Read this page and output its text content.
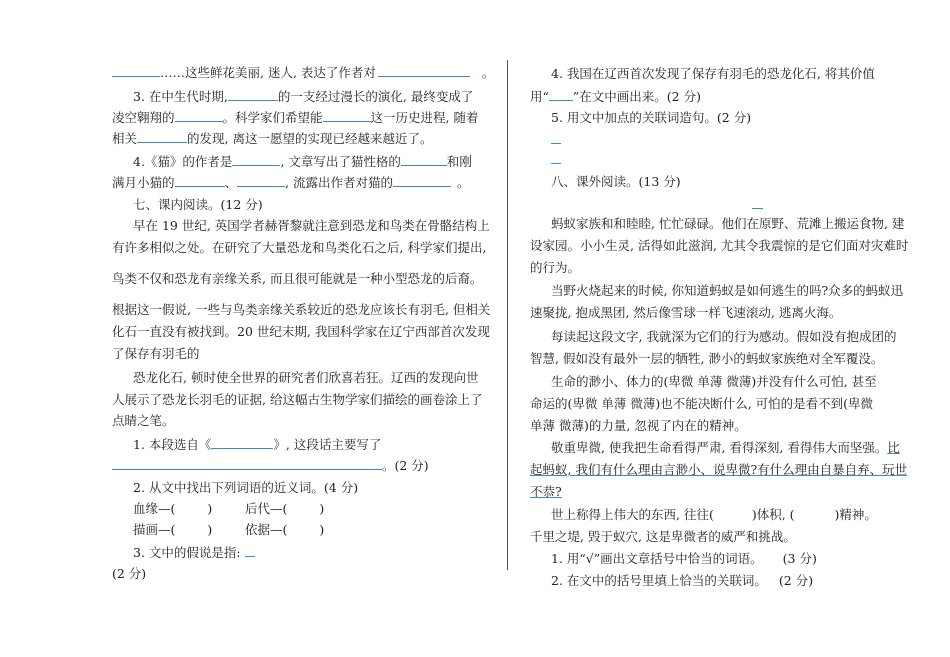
……这些鲜花美丽, 迷人, 表达了作者对	。
3. 在中生代时期,	的一支经过漫长的演化, 最终变成了
凌空翱翔的	。科学家们希望能	这一历史进程, 随着
相关	的发现, 离这一愿望的实现已经越来越近了。
4.《猫》的作者是	, 文章写出了猫性格的	和刚
满月小猫的	、	, 流露出作者对猫的	。
七、课内阅读。(12 分)
早在 19 世纪, 英国学者赫胥黎就注意到恐龙和鸟类在骨骼结构上
有许多相似之处。在研究了大量恐龙和鸟类化石之后, 科学家们提出,
鸟类不仅和恐龙有亲缘关系, 而且很可能就是一种小型恐龙的后裔。
根据这一假说, 一些与鸟类亲缘关系较近的恐龙应该长有羽毛, 但相关
化石一直没有被找到。20 世纪末期, 我国科学家在辽宁西部首次发现
了保存有羽毛的
恐龙化石, 顿时使全世界的研究者们欣喜若狂。辽西的发现向世
人展示了恐龙长羽毛的证据, 给这幅古生物学家们描绘的画卷涂上了
点睛之笔。
1. 本段选自《	》, 这段话主要写了
。(2 分)
2. 从文中找出下列词语的近义词。(4 分)
血缘—(	)	后代—(	)
描画—(	)	依据—(	)
3. 文中的假说是指:
(2 分)
4. 我国在辽西首次发现了保存有羽毛的恐龙化石, 将其价值
用“ ”在文中画出来。(2 分)
5. 用文中加点的关联词造句。(2 分)
八、课外阅读。(13 分)
蚂蚁家族和和睦睦, 忙忙碌碌。他们在原野、荒滩上搬运食物, 建
设家园。小小生灵, 活得如此滋润, 尤其令我震惊的是它们面对灾难时
的行为。
当野火烧起来的时候, 你知道蚂蚁是如何逃生的吗?众多的蚂蚁迅
速聚拢, 抱成黑团, 然后像雪球一样飞速滚动, 逃离火海。
每读起这段文字, 我就深为它们的行为感动。假如没有抱成团的
智慧, 假如没有最外一层的牺牲, 渺小的蚂蚁家族绝对全军覆没。
生命的渺小、体力的(卑微 单薄 微薄)并没有什么可怕, 甚至
命运的(卑微 单薄 微薄)也不能决断什么, 可怕的是看不到(卑微
单薄 微薄)的力量, 忽视了内在的精神。
敬重卑微, 使我把生命看得严肃, 看得深刻, 看得伟大而坚强。比
起蚂蚁, 我们有什么理由言渺小、说卑微?有什么理由自暴自弃、玩世
不恭?
世上称得上伟大的东西, 往往(	)体积, (	)精神。
千里之堤, 毁于蚁穴, 这是卑微者的威严和挑战。
1. 用“√”画出文章括号中恰当的词语。 (3 分)
2. 在文中的括号里填上恰当的关联词。 (2 分)
